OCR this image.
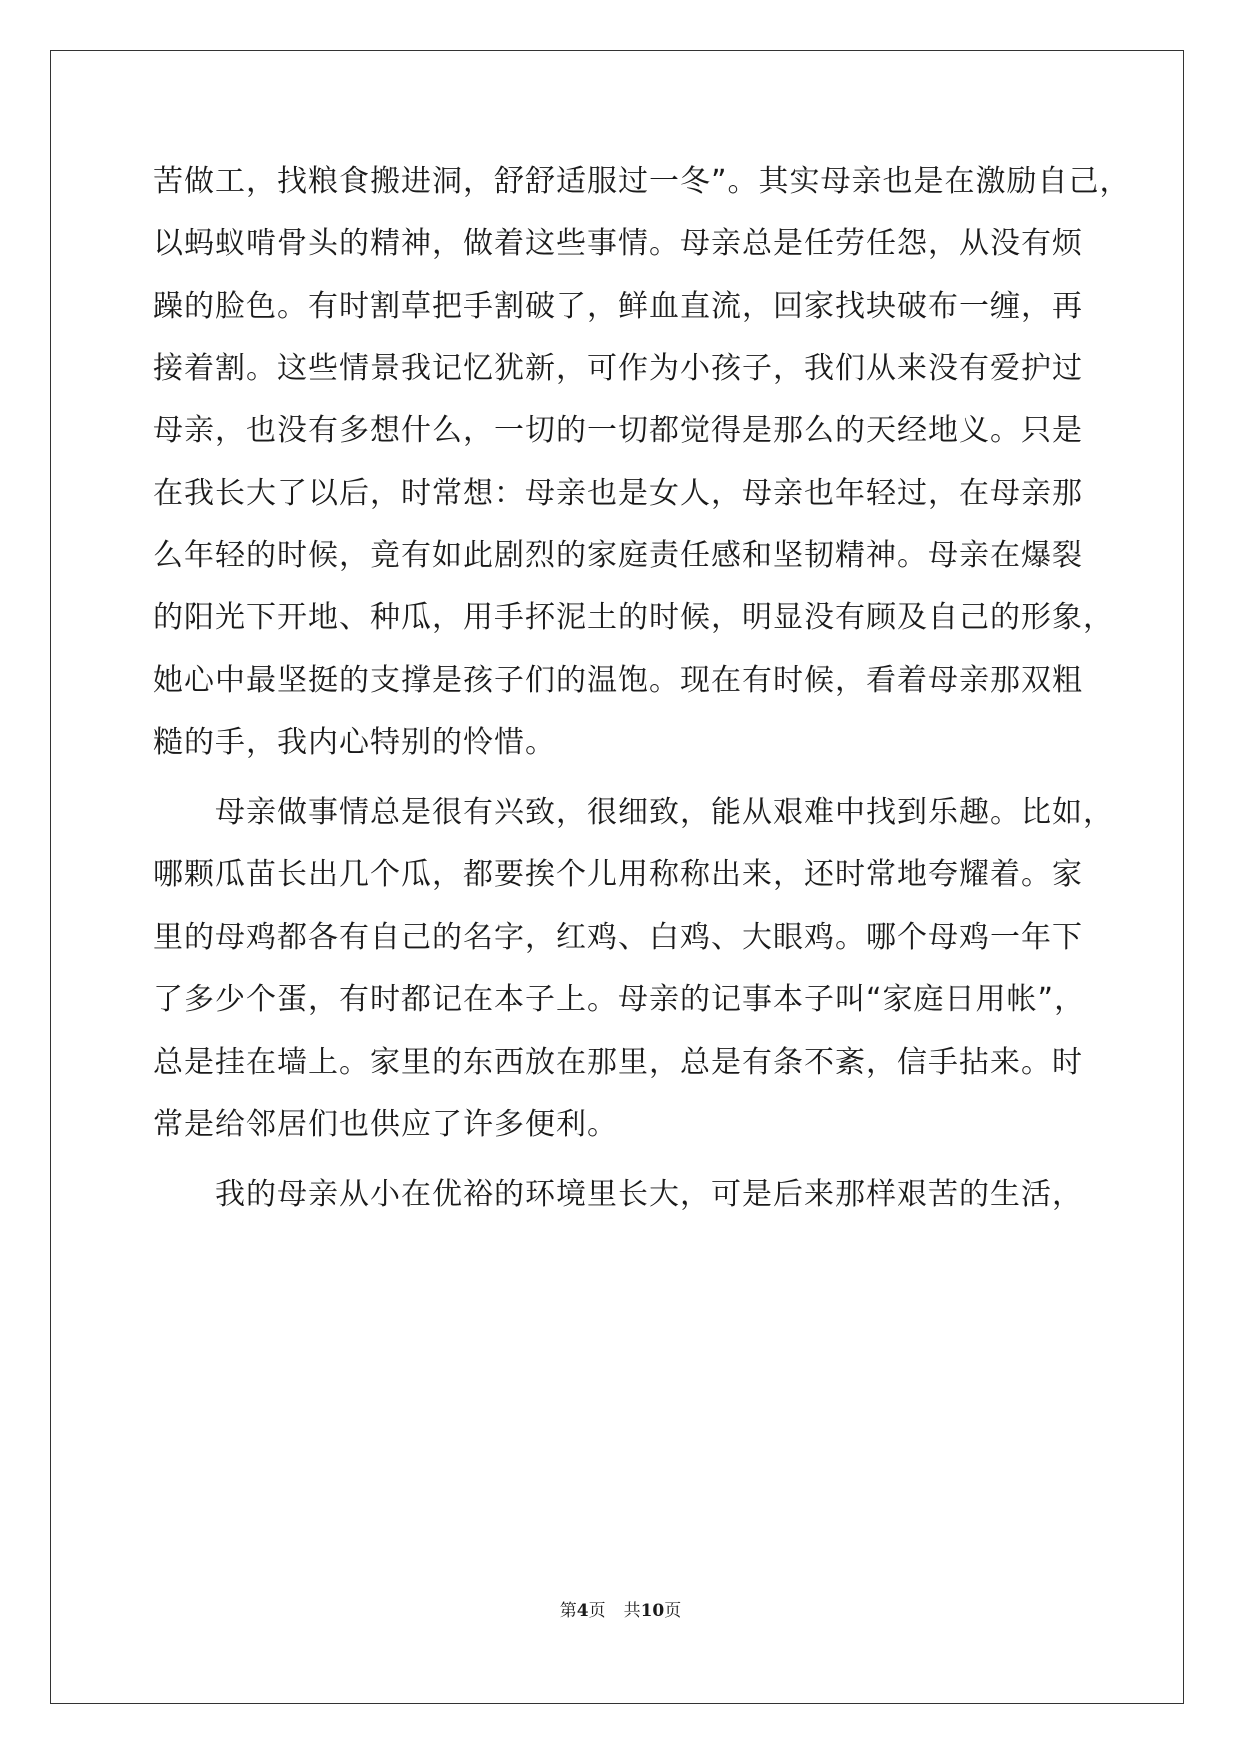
苦做工，找粮食搬进洞，舒舒适服过一冬”。其实母亲也是在激励自己，
以蚂蚁啃骨头的精神，做着这些事情。母亲总是任劳任怨，从没有烦
躁的脸色。有时割草把手割破了，鲜血直流，回家找块破布一缠，再
接着割。这些情景我记忆犹新，可作为小孩子，我们从来没有爱护过
母亲，也没有多想什么，一切的一切都觉得是那么的天经地义。只是
在我长大了以后，时常想：母亲也是女人，母亲也年轻过，在母亲那
么年轻的时候，竟有如此剧烈的家庭责任感和坚韧精神。母亲在爆裂
的阳光下开地、种瓜，用手抔泥土的时候，明显没有顾及自己的形象，
她心中最坚挺的支撑是孩子们的温饱。现在有时候，看着母亲那双粗
糙的手，我内心特别的怜惜。
　　母亲做事情总是很有兴致，很细致，能从艰难中找到乐趣。比如，
哪颗瓜苗长出几个瓜，都要挨个儿用称称出来，还时常地夸耀着。家
里的母鸡都各有自己的名字，红鸡、白鸡、大眼鸡。哪个母鸡一年下
了多少个蛋，有时都记在本子上。母亲的记事本子叫“家庭日用帐”，
总是挂在墙上。家里的东西放在那里，总是有条不紊，信手拈来。时
常是给邻居们也供应了许多便利。
　　我的母亲从小在优裕的环境里长大，可是后来那样艰苦的生活，
第4页 共10页
